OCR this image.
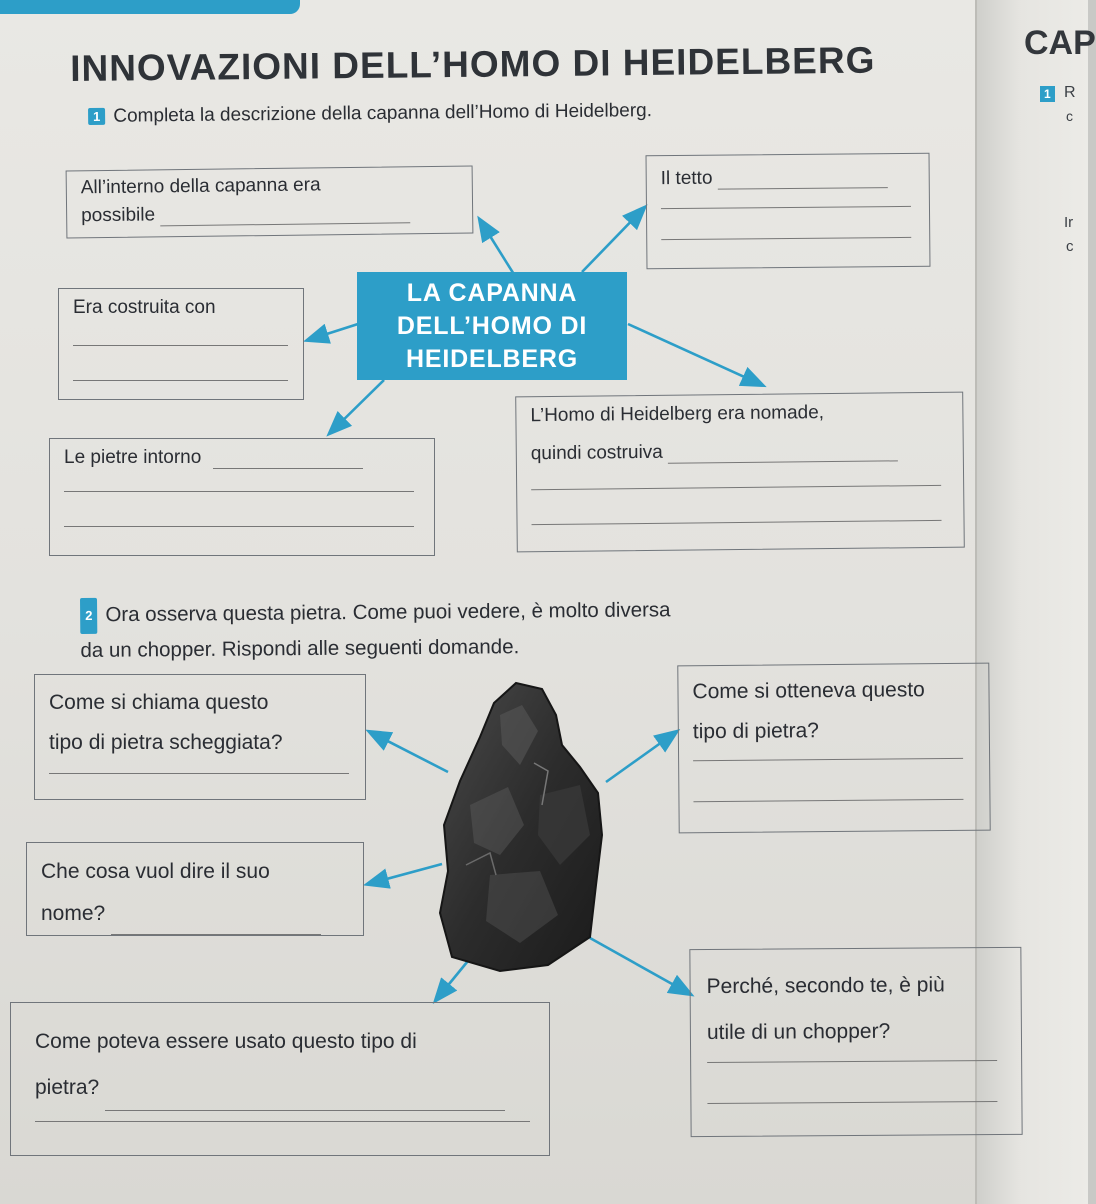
CAP
1 R
c
Ir
c
INNOVAZIONI DELL’HOMO DI HEIDELBERG
1 Completa la descrizione della capanna dell’Homo di Heidelberg.
All’interno della capanna era
possibile
Il tetto
Era costruita con
Le pietre intorno
L’Homo di Heidelberg era nomade,
quindi costruiva
LA CAPANNA
DELL’HOMO DI
HEIDELBERG
2 Ora osserva questa pietra. Come puoi vedere, è molto diversa
da un chopper. Rispondi alle seguenti domande.
Come si chiama questo
tipo di pietra scheggiata?
Come si otteneva questo
tipo di pietra?
Che cosa vuol dire il suo
nome?
Come poteva essere usato questo tipo di
pietra?
Perché, secondo te, è più
utile di un chopper?
